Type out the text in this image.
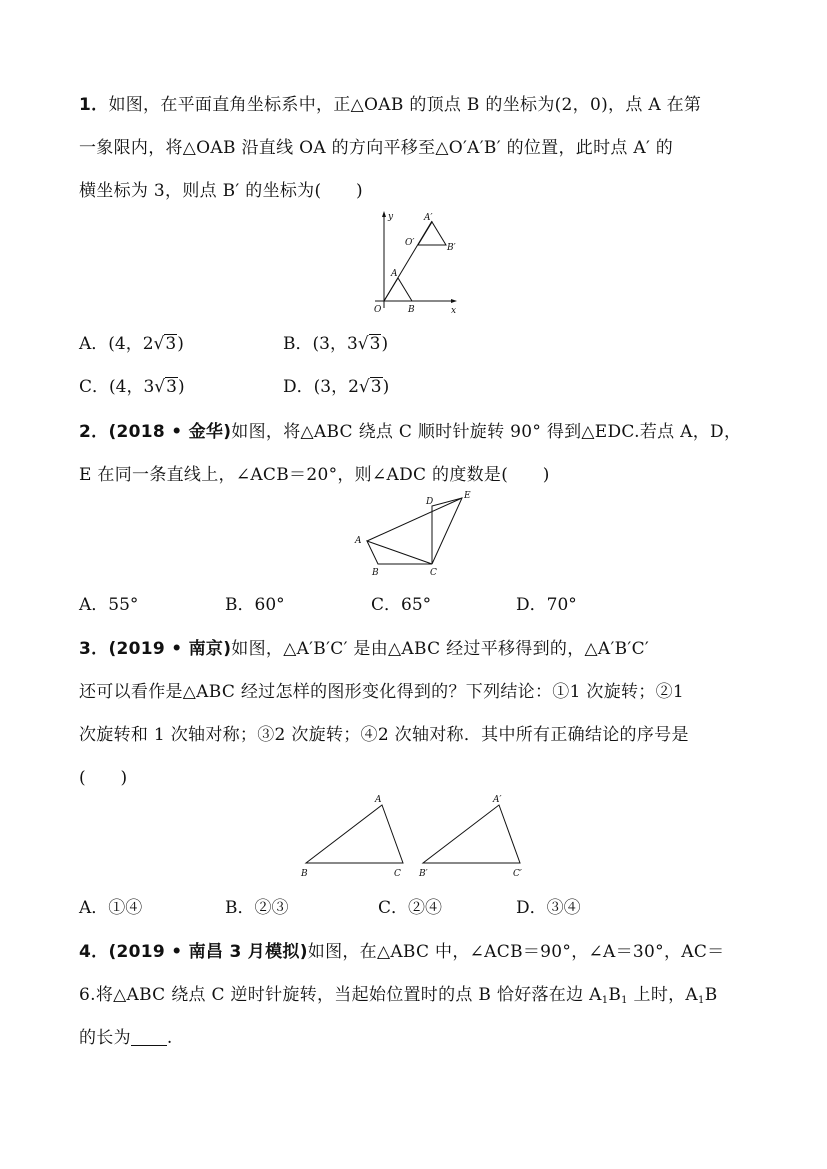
1．如图，在平面直角坐标系中，正△OAB 的顶点 B 的坐标为(2，0)，点 A 在第
一象限内，将△OAB 沿直线 OA 的方向平移至△O′A′B′ 的位置，此时点 A′ 的
横坐标为 3，则点 B′ 的坐标为(　　)
y
x
O
A
B
O′
A′
B′
A．(4，2√3)	B．(3，3√3)
C．(4，3√3)	D．(3，2√3)
2．(2018 • 金华)如图，将△ABC 绕点 C 顺时针旋转 90° 得到△EDC.若点 A，D，
E 在同一条直线上，∠ACB＝20°，则∠ADC 的度数是(　　)
A
B	C
D
E
A．55°	B．60°	C．65°	D．70°
3．(2019 • 南京)如图，△A′B′C′ 是由△ABC 经过平移得到的，△A′B′C′
还可以看作是△ABC 经过怎样的图形变化得到的？下列结论：①1 次旋转；②1
次旋转和 1 次轴对称；③2 次旋转；④2 次轴对称．其中所有正确结论的序号是
(　　)
A
B	C
A′
B′	C′
A．①④	B．②③	C．②④	D．③④
4．(2019 • 南昌 3 月模拟)如图，在△ABC 中，∠ACB＝90°，∠A＝30°，AC＝
6.将△ABC 绕点 C 逆时针旋转，当起始位置时的点 B 恰好落在边 $A_1B_1$ 上时，$A_1B$
的长为 .
